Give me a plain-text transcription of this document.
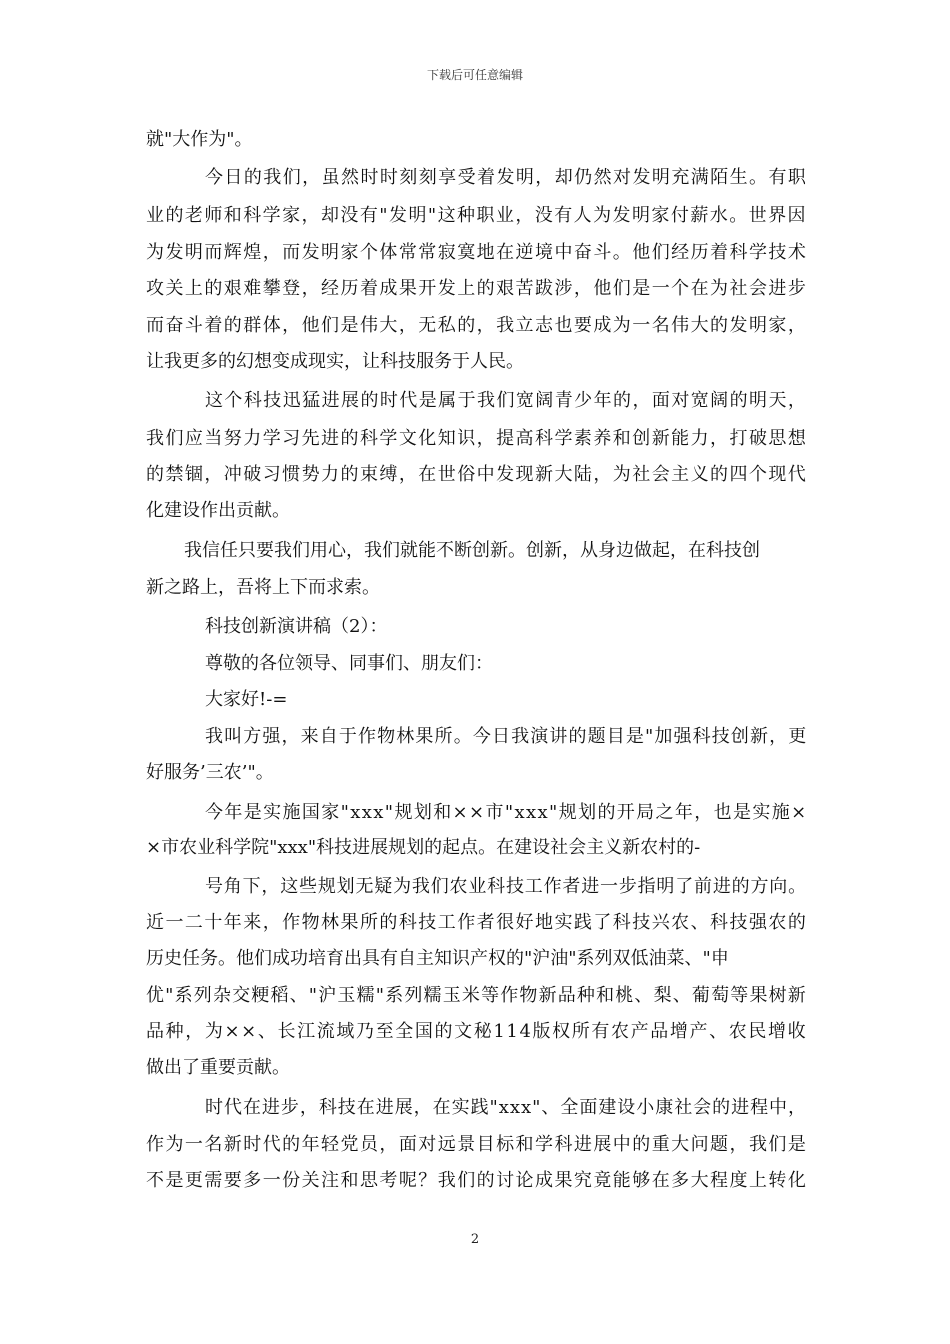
下载后可任意编辑
就"大作为"。
今日的我们，虽然时时刻刻享受着发明，却仍然对发明充满陌生。有职
业的老师和科学家，却没有"发明"这种职业，没有人为发明家付薪水。世界因
为发明而辉煌，而发明家个体常常寂寞地在逆境中奋斗。他们经历着科学技术
攻关上的艰难攀登，经历着成果开发上的艰苦跋涉，他们是一个在为社会进步
而奋斗着的群体，他们是伟大，无私的，我立志也要成为一名伟大的发明家，
让我更多的幻想变成现实，让科技服务于人民。
这个科技迅猛进展的时代是属于我们宽阔青少年的，面对宽阔的明天，
我们应当努力学习先进的科学文化知识，提高科学素养和创新能力，打破思想
的禁锢，冲破习惯势力的束缚，在世俗中发现新大陆，为社会主义的四个现代
化建设作出贡献。
我信任只要我们用心，我们就能不断创新。创新，从身边做起，在科技创
新之路上，吾将上下而求索。
科技创新演讲稿（2）：
尊敬的各位领导、同事们、朋友们：
大家好!-=
我叫方强，来自于作物林果所。今日我演讲的题目是"加强科技创新，更
好服务’三农’"。
今年是实施国家"xxx"规划和××市"xxx"规划的开局之年，也是实施×
×市农业科学院"xxx"科技进展规划的起点。在建设社会主义新农村的-
号角下，这些规划无疑为我们农业科技工作者进一步指明了前进的方向。
近一二十年来，作物林果所的科技工作者很好地实践了科技兴农、科技强农的
历史任务。他们成功培育出具有自主知识产权的"沪油"系列双低油菜、"申
优"系列杂交粳稻、"沪玉糯"系列糯玉米等作物新品种和桃、梨、葡萄等果树新
品种，为××、长江流域乃至全国的文秘114版权所有农产品增产、农民增收
做出了重要贡献。
时代在进步，科技在进展，在实践"xxx"、全面建设小康社会的进程中，
作为一名新时代的年轻党员，面对远景目标和学科进展中的重大问题，我们是
不是更需要多一份关注和思考呢？我们的讨论成果究竟能够在多大程度上转化
2
